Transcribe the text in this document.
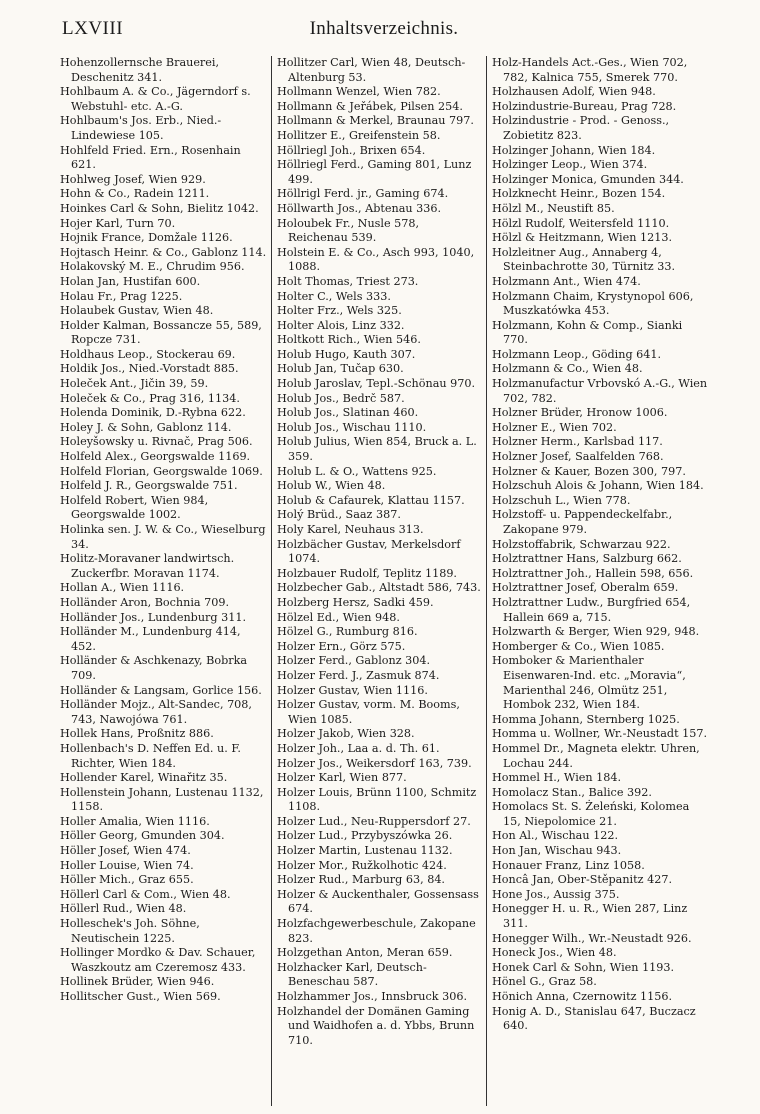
LXVIII	Inhaltsverzeichnis.
Hohenzollernsche Brauerei, Deschenitz 341.
Hohlbaum A. & Co., Jägerndorf s. Webstuhl- etc. A.-G.
Hohlbaum's Jos. Erb., Nied.-Lindewiese 105.
Hohlfeld Fried. Ern., Rosenhain 621.
Hohlweg Josef, Wien 929.
Hohn & Co., Radein 1211.
Hoinkes Carl & Sohn, Bielitz 1042.
Hojer Karl, Turn 70.
Hojnik France, Domžale 1126.
Hojtasch Heinr. & Co., Gablonz 114.
Holakovský M. E., Chrudim 956.
Holan Jan, Hustifan 600.
Holau Fr., Prag 1225.
Holaubek Gustav, Wien 48.
Holder Kalman, Bossancze 55, 589, Ropcze 731.
Holdhaus Leop., Stockerau 69.
Holdik Jos., Nied.-Vorstadt 885.
Holeček Ant., Jičin 39, 59.
Holeček & Co., Prag 316, 1134.
Holenda Dominik, D.-Rybna 622.
Holey J. & Sohn, Gablonz 114.
Holeyšowsky u. Rivnač, Prag 506.
Holfeld Alex., Georgswalde 1169.
Holfeld Florian, Georgswalde 1069.
Holfeld J. R., Georgswalde 751.
Holfeld Robert, Wien 984, Georgswalde 1002.
Holinka sen. J. W. & Co., Wieselburg 34.
Holitz-Moravaner landwirtsch. Zuckerfbr. Moravan 1174.
Hollan A., Wien 1116.
Holländer Aron, Bochnia 709.
Holländer Jos., Lundenburg 311.
Holländer M., Lundenburg 414, 452.
Holländer & Aschkenazy, Bobrka 709.
Holländer & Langsam, Gorlice 156.
Holländer Mojz., Alt-Sandec, 708, 743, Nawojówa 761.
Hollek Hans, Proßnitz 886.
Hollenbach's D. Neffen Ed. u. F. Richter, Wien 184.
Hollender Karel, Winařitz 35.
Hollenstein Johann, Lustenau 1132, 1158.
Holler Amalia, Wien 1116.
Höller Georg, Gmunden 304.
Höller Josef, Wien 474.
Holler Louise, Wien 74.
Höller Mich., Graz 655.
Höllerl Carl & Com., Wien 48.
Höllerl Rud., Wien 48.
Holleschek's Joh. Söhne, Neutischein 1225.
Hollinger Mordko & Dav. Schauer, Waszkoutz am Czeremosz 433.
Hollinek Brüder, Wien 946.
Hollitscher Gust., Wien 569.
Hollitzer Carl, Wien 48, Deutsch-Altenburg 53.
Hollmann Wenzel, Wien 782.
Hollmann & Jeřábek, Pilsen 254.
Hollmann & Merkel, Braunau 797.
Hollitzer E., Greifenstein 58.
Höllriegl Joh., Brixen 654.
Höllriegl Ferd., Gaming 801, Lunz 499.
Höllrigl Ferd. jr., Gaming 674.
Höllwarth Jos., Abtenau 336.
Holoubek Fr., Nusle 578, Reichenau 539.
Holstein E. & Co., Asch 993, 1040, 1088.
Holt Thomas, Triest 273.
Holter C., Wels 333.
Holter Frz., Wels 325.
Holter Alois, Linz 332.
Holtkott Rich., Wien 546.
Holub Hugo, Kauth 307.
Holub Jan, Tučap 630.
Holub Jaroslav, Tepl.-Schönau 970.
Holub Jos., Bedrč 587.
Holub Jos., Slatinan 460.
Holub Jos., Wischau 1110.
Holub Julius, Wien 854, Bruck a. L. 359.
Holub L. & O., Wattens 925.
Holub W., Wien 48.
Holub & Cafaurek, Klattau 1157.
Holý Brüd., Saaz 387.
Holy Karel, Neuhaus 313.
Holzbächer Gustav, Merkelsdorf 1074.
Holzbauer Rudolf, Teplitz 1189.
Holzbecher Gab., Altstadt 586, 743.
Holzberg Hersz, Sadki 459.
Hölzel Ed., Wien 948.
Hölzel G., Rumburg 816.
Holzer Ern., Görz 575.
Holzer Ferd., Gablonz 304.
Holzer Ferd. J., Zasmuk 874.
Holzer Gustav, Wien 1116.
Holzer Gustav, vorm. M. Booms, Wien 1085.
Holzer Jakob, Wien 328.
Holzer Joh., Laa a. d. Th. 61.
Holzer Jos., Weikersdorf 163, 739.
Holzer Karl, Wien 877.
Holzer Louis, Brünn 1100, Schmitz 1108.
Holzer Lud., Neu-Ruppersdorf 27.
Holzer Lud., Przybyszówka 26.
Holzer Martin, Lustenau 1132.
Holzer Mor., Ružkolhotic 424.
Holzer Rud., Marburg 63, 84.
Holzer & Auckenthaler, Gossensass 674.
Holzfachgewerbeschule, Zakopane 823.
Holzgethan Anton, Meran 659.
Holzhacker Karl, Deutsch-Beneschau 587.
Holzhammer Jos., Innsbruck 306.
Holzhandel der Domänen Gaming und Waidhofen a. d. Ybbs, Brunn 710.
Holz-Handels Act.-Ges., Wien 702, 782, Kalnica 755, Smerek 770.
Holzhausen Adolf, Wien 948.
Holzindustrie-Bureau, Prag 728.
Holzindustrie - Prod. - Genoss., Zobietitz 823.
Holzinger Johann, Wien 184.
Holzinger Leop., Wien 374.
Holzinger Monica, Gmunden 344.
Holzknecht Heinr., Bozen 154.
Hölzl M., Neustift 85.
Hölzl Rudolf, Weitersfeld 1110.
Hölzl & Heitzmann, Wien 1213.
Holzleitner Aug., Annaberg 4, Steinbachrotte 30, Türnitz 33.
Holzmann Ant., Wien 474.
Holzmann Chaim, Krystynopol 606, Muszkatówka 453.
Holzmann, Kohn & Comp., Sianki 770.
Holzmann Leop., Göding 641.
Holzmann & Co., Wien 48.
Holzmanufactur Vrbovskó A.-G., Wien 702, 782.
Holzner Brüder, Hronow 1006.
Holzner E., Wien 702.
Holzner Herm., Karlsbad 117.
Holzner Josef, Saalfelden 768.
Holzner & Kauer, Bozen 300, 797.
Holzschuh Alois & Johann, Wien 184.
Holzschuh L., Wien 778.
Holzstoff- u. Pappendeckelfabr., Zakopane 979.
Holzstoffabrik, Schwarzau 922.
Holztrattner Hans, Salzburg 662.
Holztrattner Joh., Hallein 598, 656.
Holztrattner Josef, Oberalm 659.
Holztrattner Ludw., Burgfried 654, Hallein 669 a, 715.
Holzwarth & Berger, Wien 929, 948.
Homberger & Co., Wien 1085.
Homboker & Marienthaler Eisenwaren-Ind. etc. „Moravia“, Marienthal 246, Olmütz 251, Hombok 232, Wien 184.
Homma Johann, Sternberg 1025.
Homma u. Wollner, Wr.-Neustadt 157.
Hommel Dr., Magneta elektr. Uhren, Lochau 244.
Hommel H., Wien 184.
Homolacz Stan., Balice 392.
Homolacs St. S. Żeleński, Kolomea 15, Niepolomice 21.
Hon Al., Wischau 122.
Hon Jan, Wischau 943.
Honauer Franz, Linz 1058.
Honcâ Jan, Ober-Stěpanitz 427.
Hone Jos., Aussig 375.
Honegger H. u. R., Wien 287, Linz 311.
Honegger Wilh., Wr.-Neustadt 926.
Honeck Jos., Wien 48.
Honek Carl & Sohn, Wien 1193.
Hönel G., Graz 58.
Hönich Anna, Czernowitz 1156.
Honig A. D., Stanislau 647, Buczacz 640.
